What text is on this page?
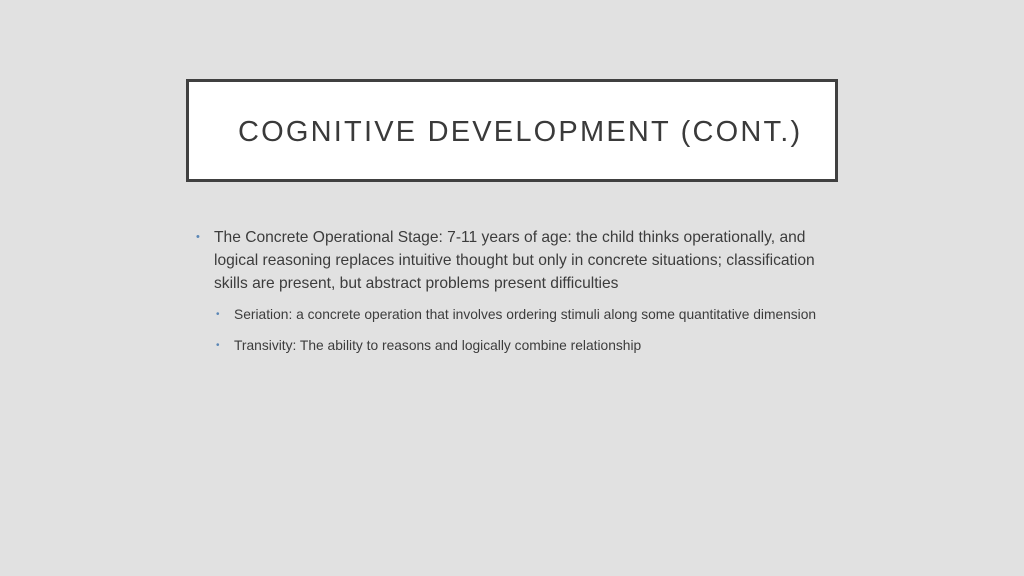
COGNITIVE DEVELOPMENT (CONT.)
• The Concrete Operational Stage: 7-11 years of age: the child thinks operationally, and logical reasoning replaces intuitive thought but only in concrete situations; classification skills are present, but abstract problems present difficulties
• Seriation: a concrete operation that involves ordering stimuli along some quantitative dimension
• Transivity: The ability to reasons and logically combine relationship
